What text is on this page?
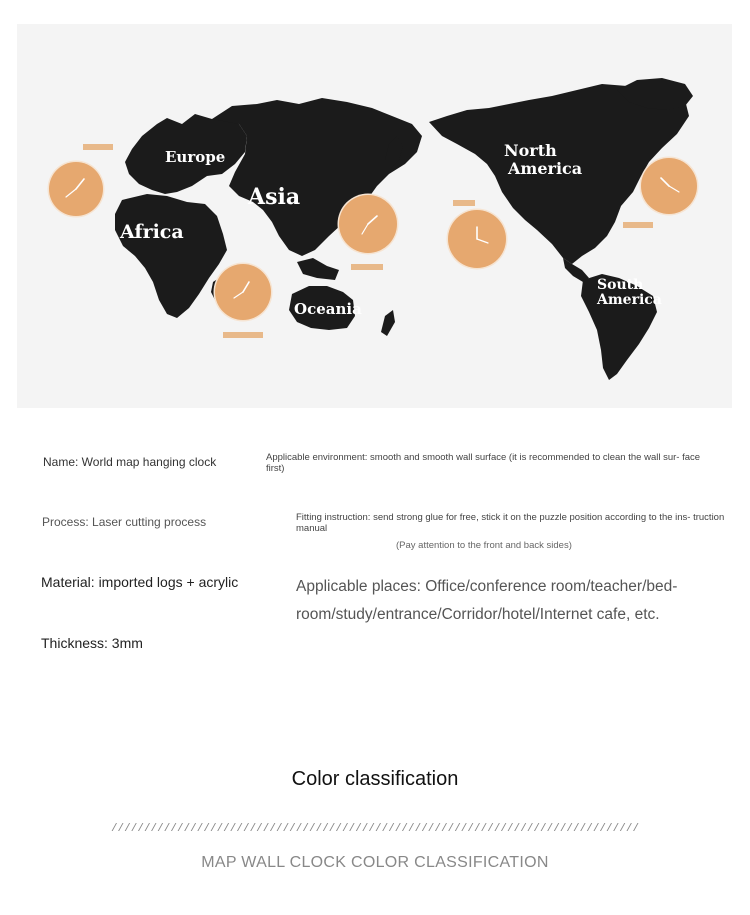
Europe
Asia
Africa
Oceania
North
America
South
America
Name: World map hanging clock	Applicable environment: smooth and smooth wall surface (it is recommended to clean the wall sur- face first)
Process: Laser cutting process	Fitting instruction: send strong glue for free, stick it on the puzzle position according to the ins- truction manual
(Pay attention to the front and back sides)
Material: imported logs + acrylic	Applicable places: Office/conference room/teacher/bed- room/study/entrance/Corridor/hotel/Internet cafe, etc.
Thickness: 3mm
Color classification
////////////////////////////////////////////////////////////////////////////////
MAP WALL CLOCK COLOR CLASSIFICATION
